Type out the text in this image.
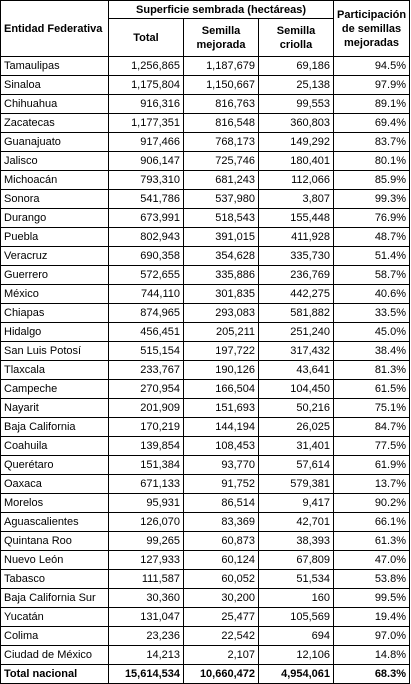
Entidad Federativa	Superficie sembrada (hectáreas)			Participación de semillas mejoradas
	Total	Semilla mejorada	Semilla criolla	
Tamaulipas	1,256,865	1,187,679	69,186	94.5%
Sinaloa	1,175,804	1,150,667	25,138	97.9%
Chihuahua	916,316	816,763	99,553	89.1%
Zacatecas	1,177,351	816,548	360,803	69.4%
Guanajuato	917,466	768,173	149,292	83.7%
Jalisco	906,147	725,746	180,401	80.1%
Michoacán	793,310	681,243	112,066	85.9%
Sonora	541,786	537,980	3,807	99.3%
Durango	673,991	518,543	155,448	76.9%
Puebla	802,943	391,015	411,928	48.7%
Veracruz	690,358	354,628	335,730	51.4%
Guerrero	572,655	335,886	236,769	58.7%
México	744,110	301,835	442,275	40.6%
Chiapas	874,965	293,083	581,882	33.5%
Hidalgo	456,451	205,211	251,240	45.0%
San Luis Potosí	515,154	197,722	317,432	38.4%
Tlaxcala	233,767	190,126	43,641	81.3%
Campeche	270,954	166,504	104,450	61.5%
Nayarit	201,909	151,693	50,216	75.1%
Baja California	170,219	144,194	26,025	84.7%
Coahuila	139,854	108,453	31,401	77.5%
Querétaro	151,384	93,770	57,614	61.9%
Oaxaca	671,133	91,752	579,381	13.7%
Morelos	95,931	86,514	9,417	90.2%
Aguascalientes	126,070	83,369	42,701	66.1%
Quintana Roo	99,265	60,873	38,393	61.3%
Nuevo León	127,933	60,124	67,809	47.0%
Tabasco	111,587	60,052	51,534	53.8%
Baja California Sur	30,360	30,200	160	99.5%
Yucatán	131,047	25,477	105,569	19.4%
Colima	23,236	22,542	694	97.0%
Ciudad de México	14,213	2,107	12,106	14.8%
Total nacional	15,614,534	10,660,472	4,954,061	68.3%
